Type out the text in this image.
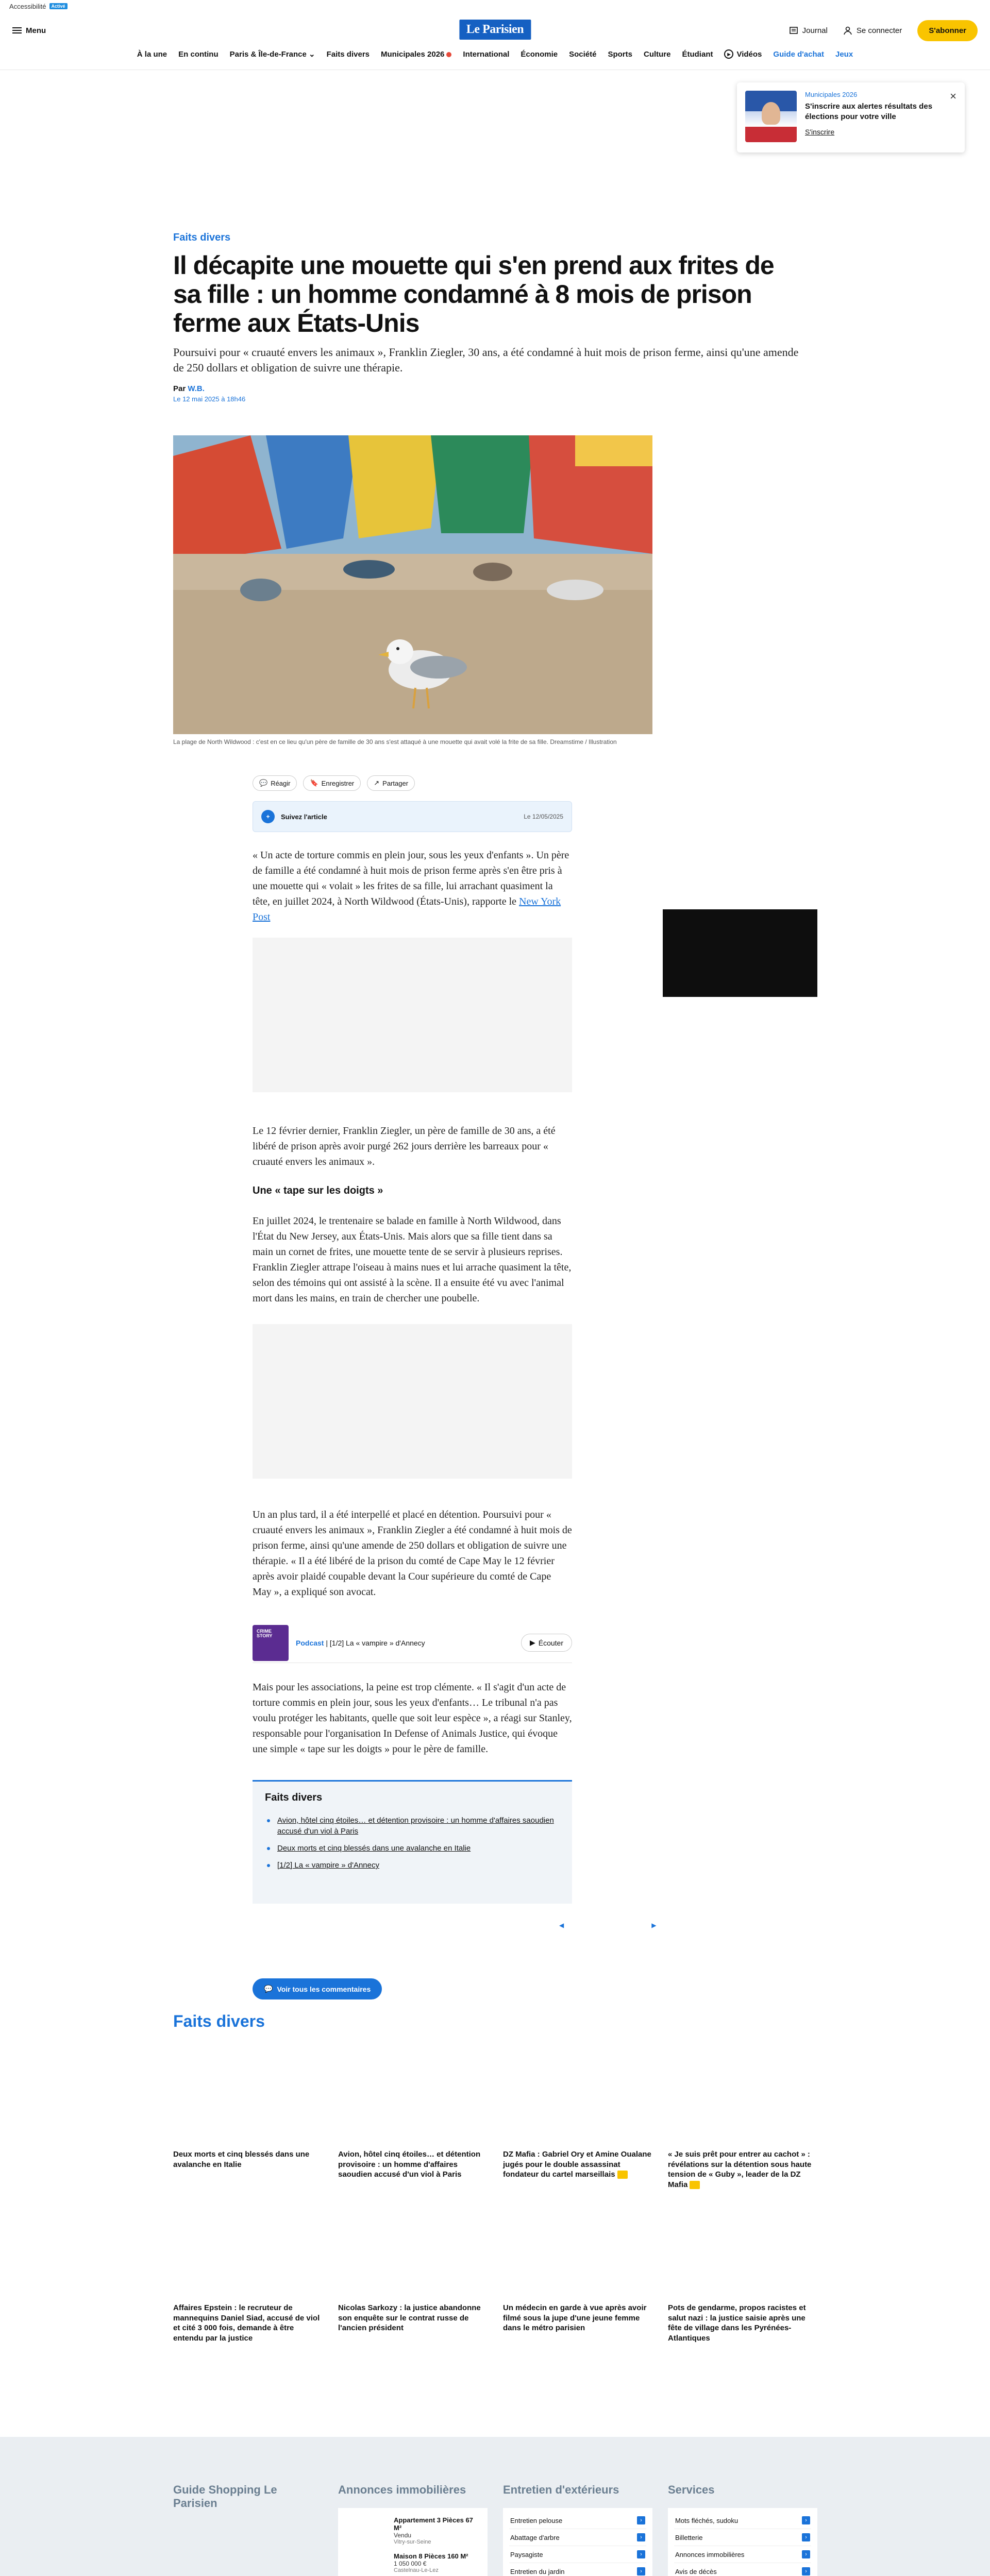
Accessibilité	Activé
Menu	Le Parisien	Journal	Se connecter	S'abonner
À la une En continu Paris & Île-de-France ⌄ Faits divers Municipales 2026	International Économie Société Sports Culture Étudiant	▶ Vidéos Guide d'achat Jeux
Municipales 2026
S'inscrire aux alertes résultats des élections pour votre ville
S'inscrire
×
Faits divers
Il décapite une mouette qui s'en prend aux frites de sa fille : un homme condamné à 8 mois de prison ferme aux États-Unis

Poursuivi pour « cruauté envers les animaux », Franklin Ziegler, 30 ans, a été condamné à huit mois de prison ferme, ainsi qu'une amende de 250 dollars et obligation de suivre une thérapie.

Par W.B.
Le 12 mai 2025 à 18h46
La plage de North Wildwood : c'est en ce lieu qu'un père de famille de 30 ans s'est attaqué à une mouette qui avait volé la frite de sa fille. Dreamstime / Illustration
💬 Réagir	🔖 Enregistrer	↗ Partager
+	Suivez l'article	Le 12/05/2025

« Un acte de torture commis en plein jour, sous les yeux d'enfants ». Un père de famille a été condamné à huit mois de prison ferme après s'en être pris à une mouette qui « volait » les frites de sa fille, lui arrachant quasiment la tête, en juillet 2024, à North Wildwood (États-Unis), rapporte le New York Post

Le 12 février dernier, Franklin Ziegler, un père de famille de 30 ans, a été libéré de prison après avoir purgé 262 jours derrière les barreaux pour « cruauté envers les animaux ».

Une « tape sur les doigts »

En juillet 2024, le trentenaire se balade en famille à North Wildwood, dans l'État du New Jersey, aux États-Unis. Mais alors que sa fille tient dans sa main un cornet de frites, une mouette tente de se servir à plusieurs reprises. Franklin Ziegler attrape l'oiseau à mains nues et lui arrache quasiment la tête, selon des témoins qui ont assisté à la scène. Il a ensuite été vu avec l'animal mort dans les mains, en train de chercher une poubelle.

Un an plus tard, il a été interpellé et placé en détention. Poursuivi pour « cruauté envers les animaux », Franklin Ziegler a été condamné à huit mois de prison ferme, ainsi qu'une amende de 250 dollars et obligation de suivre une thérapie. « Il a été libéré de la prison du comté de Cape May le 12 février après avoir plaidé coupable devant la Cour supérieure du comté de Cape May », a expliqué son avocat.

CRIME STORY
Podcast | [1/2] La « vampire » d'Annecy	▶ Écouter

Mais pour les associations, la peine est trop clémente. « Il s'agit d'un acte de torture commis en plein jour, sous les yeux d'enfants… Le tribunal n'a pas voulu protéger les habitants, quelle que soit leur espèce », a réagi sur Stanley, responsable pour l'organisation In Defense of Animals Justice, qui évoque une simple « tape sur les doigts » pour le père de famille.

Faits divers
Avion, hôtel cinq étoiles… et détention provisoire : un homme d'affaires saoudien accusé d'un viol à Paris
Deux morts et cinq blessés dans une avalanche en Italie
[1/2] La « vampire » d'Annecy
◀	▶
💬 Voir tous les commentaires
Faits divers
Deux morts et cinq blessés dans une avalanche en Italie
Avion, hôtel cinq étoiles… et détention provisoire : un homme d'affaires saoudien accusé d'un viol à Paris
DZ Mafia : Gabriel Ory et Amine Oualane jugés pour le double assassinat fondateur du cartel marseillais
« Je suis prêt pour entrer au cachot » : révélations sur la détention sous haute tension de « Guby », leader de la DZ Mafia
Affaires Epstein : le recruteur de mannequins Daniel Siad, accusé de viol et cité 3 000 fois, demande à être entendu par la justice
Nicolas Sarkozy : la justice abandonne son enquête sur le contrat russe de l'ancien président
Un médecin en garde à vue après avoir filmé sous la jupe d'une jeune femme dans le métro parisien
Pots de gendarme, propos racistes et salut nazi : la justice saisie après une fête de village dans les Pyrénées-Atlantiques
Guide Shopping Le Parisien

Annonces immobilières
Appartement 3 Pièces 67 M²
Vendu
Vitry-sur-Seine
Maison 8 Pièces 160 M²
1 050 000 €
Castelnau-Le-Lez
Entretien d'extérieurs
Entretien pelouse	›
Abattage d'arbre	›
Paysagiste	›
Entretien du jardin	›
Services
Mots fléchés, sudoku	›
Billetterie	›
Annonces immobilières	›
Avis de décès	›
